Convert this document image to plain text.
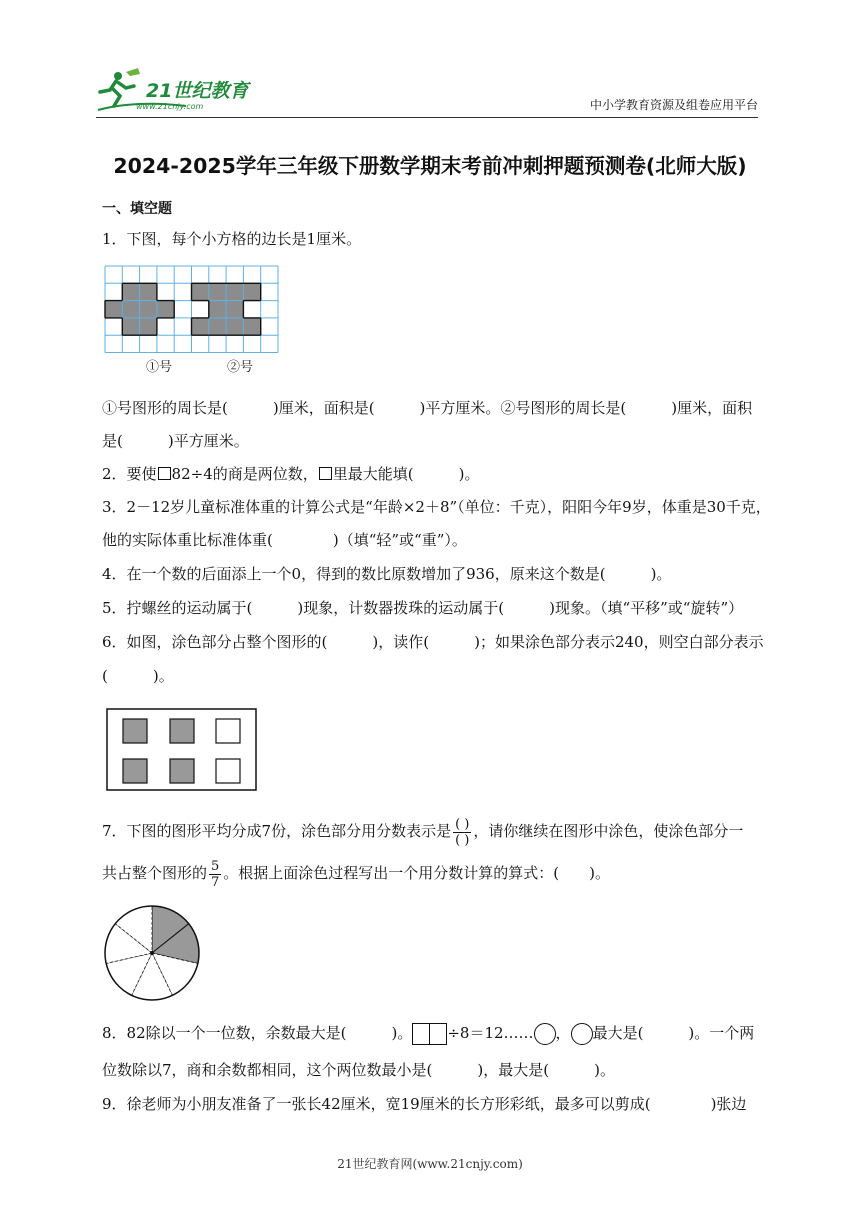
21世纪教育
www.21cnjy.com	中小学教育资源及组卷应用平台
2024-2025学年三年级下册数学期末考前冲刺押题预测卷(北师大版)
一、填空题
1．下图，每个小方格的边长是1厘米。
①号	②号
①号图形的周长是(　　　)厘米，面积是(　　　)平方厘米。②号图形的周长是(　　　)厘米，面积
是(　　　)平方厘米。
2．要使 82÷4的商是两位数， 里最大能填(　　　)。
3．2－12岁儿童标准体重的计算公式是“年龄×2＋8”（单位：千克），阳阳今年9岁，体重是30千克，
他的实际体重比标准体重(　　　　)（填“轻”或“重”）。
4．在一个数的后面添上一个0，得到的数比原数增加了936，原来这个数是(　　　)。
5．拧螺丝的运动属于(　　　)现象，计数器拨珠的运动属于(　　　)现象。（填“平移”或“旋转”）
6．如图，涂色部分占整个图形的(　　　)，读作(　　　)；如果涂色部分表示240，则空白部分表示
(　　　)。
7．下图的图形平均分成7份，涂色部分用分数表示是 $\frac{( )}{( )}$ ，请你继续在图形中涂色，使涂色部分一
共占整个图形的 $\frac{5}{7}$ 。根据上面涂色过程写出一个用分数计算的算式：(　　)。
8．82除以一个一位数，余数最大是(　　　)。 ÷8＝12…… ， 最大是(　　　)。一个两
位数除以7，商和余数都相同，这个两位数最小是(　　　)，最大是(　　　)。
9．徐老师为小朋友准备了一张长42厘米，宽19厘米的长方形彩纸，最多可以剪成(　　　　)张边
21世纪教育网(www.21cnjy.com)
